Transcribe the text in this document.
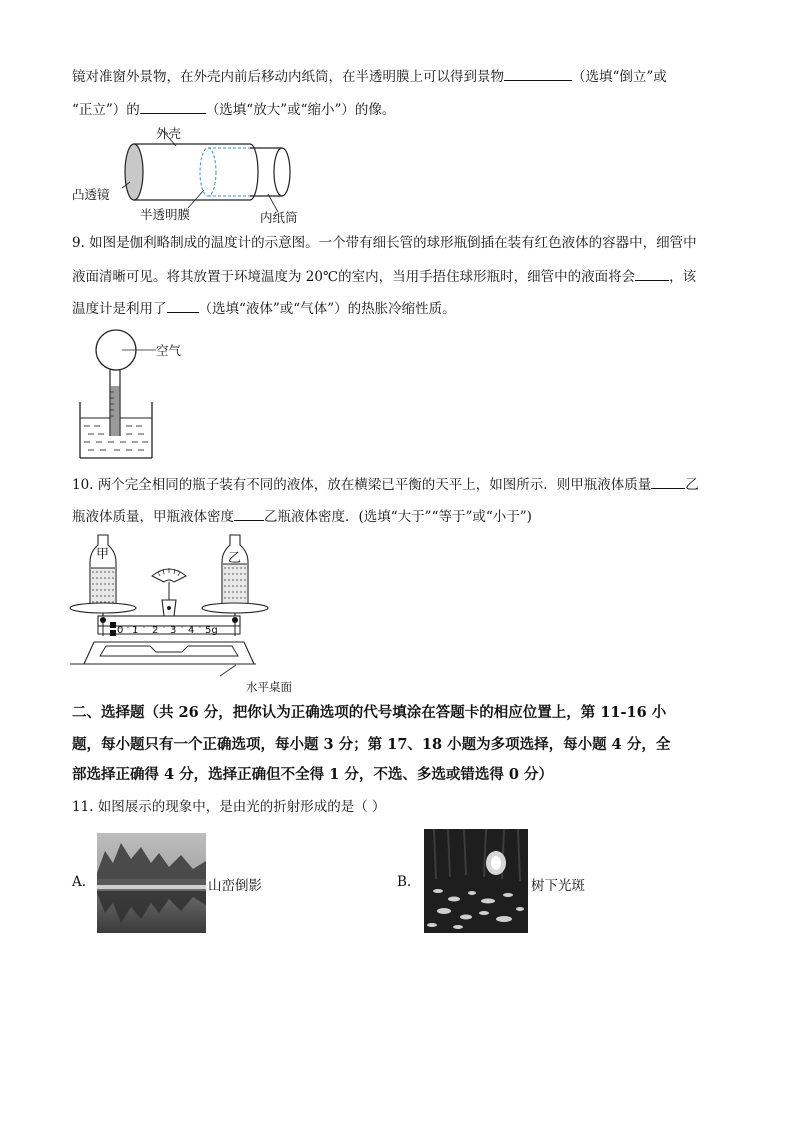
镜对准窗外景物，在外壳内前后移动内纸筒，在半透明膜上可以得到景物	（选填“倒立”或
“正立”）的	（选填“放大”或“缩小”）的像。
外壳
凸透镜
半透明膜	内纸筒
9. 如图是伽利略制成的温度计的示意图。一个带有细长管的球形瓶倒插在装有红色液体的容器中，细管中
液面清晰可见。将其放置于环境温度为 20℃的室内，当用手捂住球形瓶时，细管中的液面将会	，该
温度计是利用了 （选填“液体”或“气体”）的热胀冷缩性质。
空气
10. 两个完全相同的瓶子装有不同的液体，放在横梁已平衡的天平上，如图所示．则甲瓶液体质量	乙
瓶液体质量，甲瓶液体密度 乙瓶液体密度．(选填“大于”“等于”或“小于”)
0 1 2 3 4 5g
甲	乙
水平桌面
二、选择题（共 26 分，把你认为正确选项的代号填涂在答题卡的相应位置上，第 11-16 小
题，每小题只有一个正确选项，每小题 3 分；第 17、18 小题为多项选择，每小题 4 分，全
部选择正确得 4 分，选择正确但不全得 1 分，不选、多选或错选得 0 分）
11. 如图展示的现象中，是由光的折射形成的是（ ）
A.	山峦倒影	B.	树下光斑
